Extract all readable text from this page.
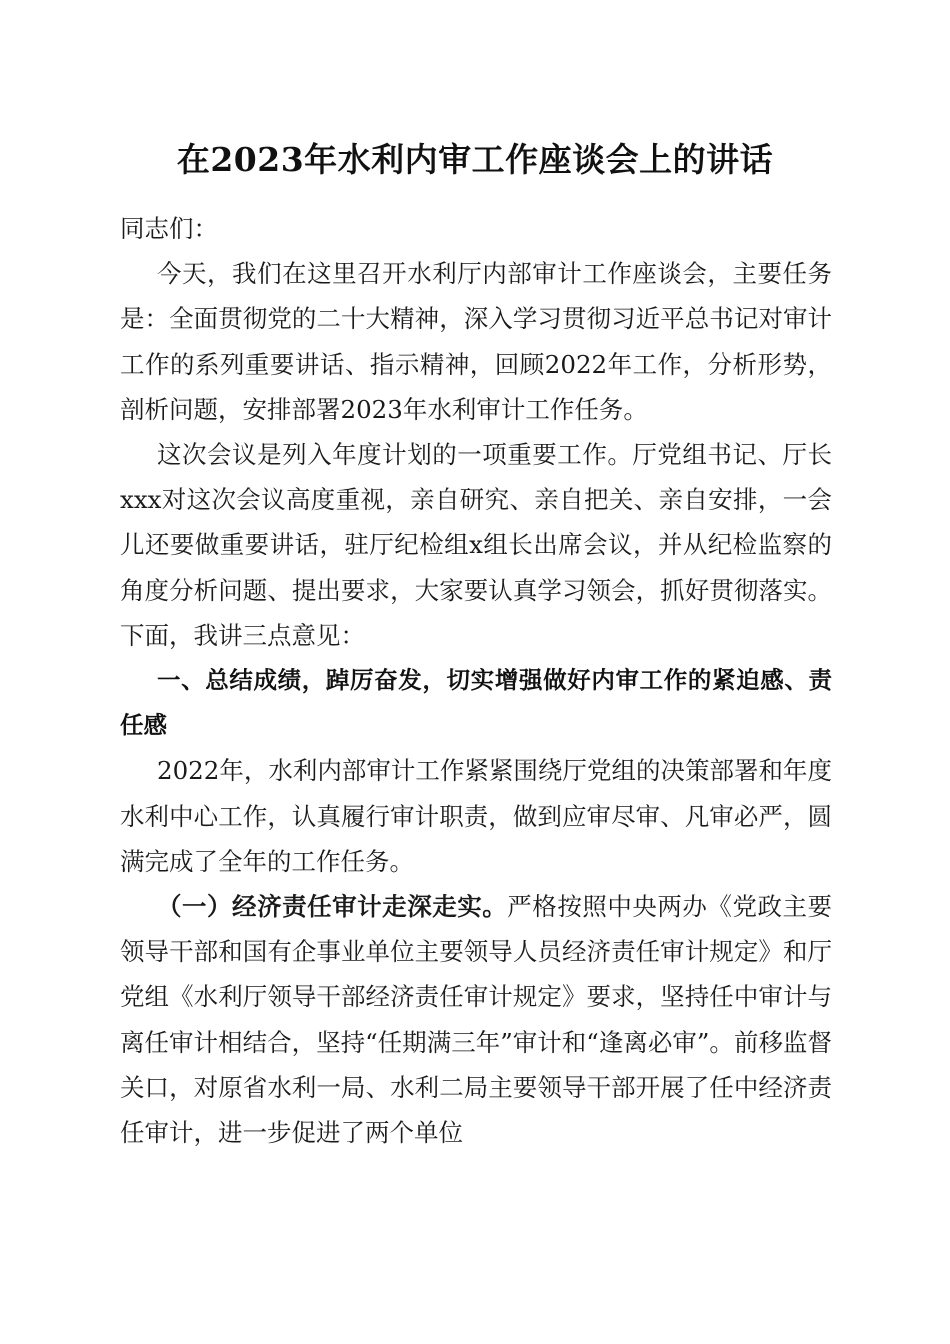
在2023年水利内审工作座谈会上的讲话

同志们：

今天，我们在这里召开水利厅内部审计工作座谈会，主要任务是：全面贯彻党的二十大精神，深入学习贯彻习近平总书记对审计工作的系列重要讲话、指示精神，回顾2022年工作，分析形势，剖析问题，安排部署2023年水利审计工作任务。

这次会议是列入年度计划的一项重要工作。厅党组书记、厅长xxx对这次会议高度重视，亲自研究、亲自把关、亲自安排，一会儿还要做重要讲话，驻厅纪检组x组长出席会议，并从纪检监察的角度分析问题、提出要求，大家要认真学习领会，抓好贯彻落实。下面，我讲三点意见：

一、总结成绩，踔厉奋发，切实增强做好内审工作的紧迫感、责任感

2022年，水利内部审计工作紧紧围绕厅党组的决策部署和年度水利中心工作，认真履行审计职责，做到应审尽审、凡审必严，圆满完成了全年的工作任务。

（一）经济责任审计走深走实。严格按照中央两办《党政主要领导干部和国有企事业单位主要领导人员经济责任审计规定》和厅党组《水利厅领导干部经济责任审计规定》要求，坚持任中审计与离任审计相结合，坚持“任期满三年”审计和“逢离必审”。前移监督关口，对原省水利一局、水利二局主要领导干部开展了任中经济责任审计，进一步促进了两个单位
